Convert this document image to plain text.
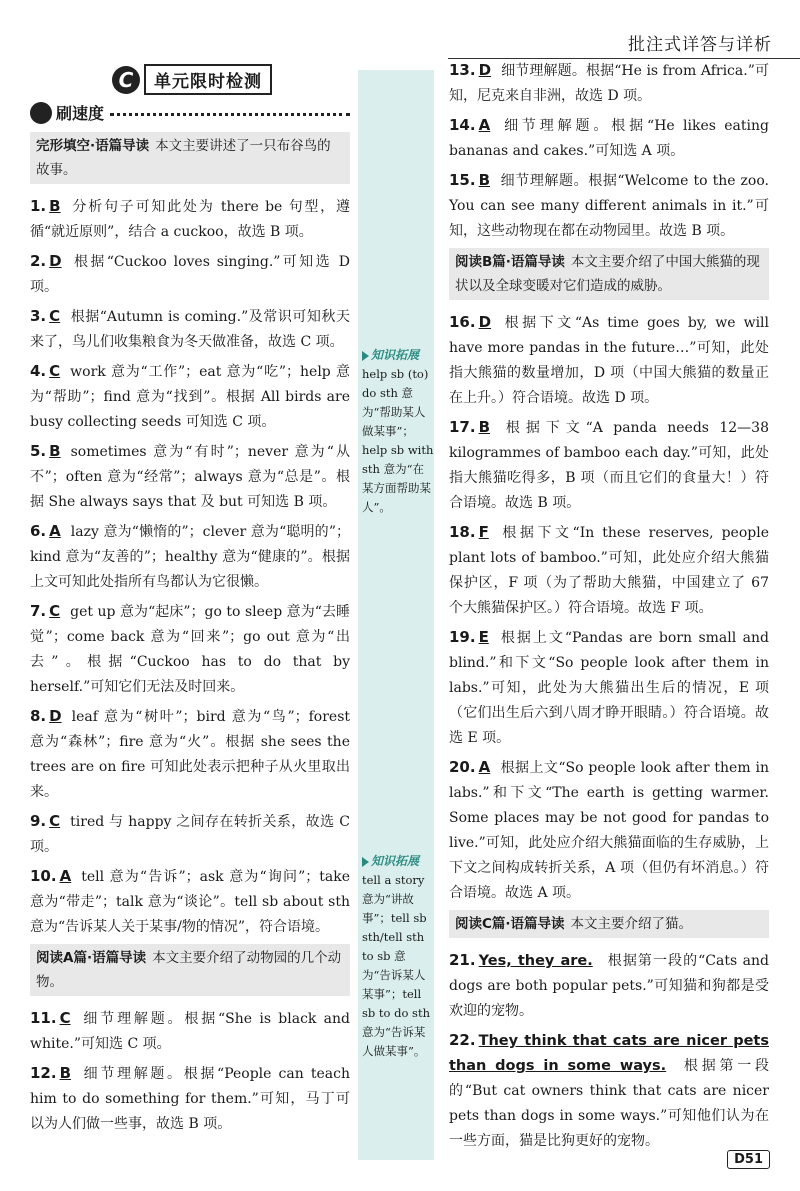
批注式详答与详析
C	单元限时检测
刷速度
完形填空·语篇导读 本文主要讲述了一只布谷鸟的故事。
1. B 分析句子可知此处为 there be 句型，遵循“就近原则”，结合 a cuckoo，故选 B 项。
2. D 根据“Cuckoo loves singing.”可知选 D 项。
3. C 根据“Autumn is coming.”及常识可知秋天来了，鸟儿们收集粮食为冬天做准备，故选 C 项。
4. C work 意为“工作”；eat 意为“吃”；help 意为“帮助”；find 意为“找到”。根据 All birds are busy collecting seeds 可知选 C 项。
5. B sometimes 意为“有时”；never 意为“从不”；often 意为“经常”；always 意为“总是”。根据 She always says that 及 but 可知选 B 项。
6. A lazy 意为“懒惰的”；clever 意为“聪明的”；kind 意为“友善的”；healthy 意为“健康的”。根据上文可知此处指所有鸟都认为它很懒。
7. C get up 意为“起床”；go to sleep 意为“去睡觉”；come back 意为“回来”；go out 意为“出去”。根据“Cuckoo has to do that by herself.”可知它们无法及时回来。
8. D leaf 意为“树叶”；bird 意为“鸟”；forest 意为“森林”；fire 意为“火”。根据 she sees the trees are on fire 可知此处表示把种子从火里取出来。
9. C tired 与 happy 之间存在转折关系，故选 C 项。
10. A tell 意为“告诉”；ask 意为“询问”；take 意为“带走”；talk 意为“谈论”。tell sb about sth 意为“告诉某人关于某事/物的情况”，符合语境。
阅读A篇·语篇导读 本文主要介绍了动物园的几个动物。
11. C 细节理解题。根据“She is black and white.”可知选 C 项。
12. B 细节理解题。根据“People can teach him to do something for them.”可知，马丁可以为人们做一些事，故选 B 项。
知识拓展
help sb (to) do sth 意为“帮助某人做某事”；help sb with sth 意为“在某方面帮助某人”。
知识拓展
tell a story 意为“讲故事”；tell sb sth/tell sth to sb 意为“告诉某人某事”；tell sb to do sth 意为“告诉某人做某事”。
13. D 细节理解题。根据“He is from Africa.”可知，尼克来自非洲，故选 D 项。
14. A 细节理解题。根据“He likes eating bananas and cakes.”可知选 A 项。
15. B 细节理解题。根据“Welcome to the zoo. You can see many different animals in it.”可知，这些动物现在都在动物园里。故选 B 项。
阅读B篇·语篇导读 本文主要介绍了中国大熊猫的现状以及全球变暖对它们造成的威胁。
16. D 根据下文“As time goes by, we will have more pandas in the future…”可知，此处指大熊猫的数量增加，D 项（中国大熊猫的数量正在上升。）符合语境。故选 D 项。
17. B 根据下文“A panda needs 12—38 kilogrammes of bamboo each day.”可知，此处指大熊猫吃得多，B 项（而且它们的食量大！）符合语境。故选 B 项。
18. F 根据下文“In these reserves, people plant lots of bamboo.”可知，此处应介绍大熊猫保护区，F 项（为了帮助大熊猫，中国建立了 67 个大熊猫保护区。）符合语境。故选 F 项。
19. E 根据上文“Pandas are born small and blind.”和下文“So people look after them in labs.”可知，此处为大熊猫出生后的情况，E 项（它们出生后六到八周才睁开眼睛。）符合语境。故选 E 项。
20. A 根据上文“So people look after them in labs.”和下文“The earth is getting warmer. Some places may be not good for pandas to live.”可知，此处应介绍大熊猫面临的生存威胁，上下文之间构成转折关系，A 项（但仍有坏消息。）符合语境。故选 A 项。
阅读C篇·语篇导读 本文主要介绍了猫。
21. Yes, they are.  根据第一段的“Cats and dogs are both popular pets.”可知猫和狗都是受欢迎的宠物。
22. They think that cats are nicer pets than dogs in some ways.  根据第一段的“But cat owners think that cats are nicer pets than dogs in some ways.”可知他们认为在一些方面，猫是比狗更好的宠物。
D51
